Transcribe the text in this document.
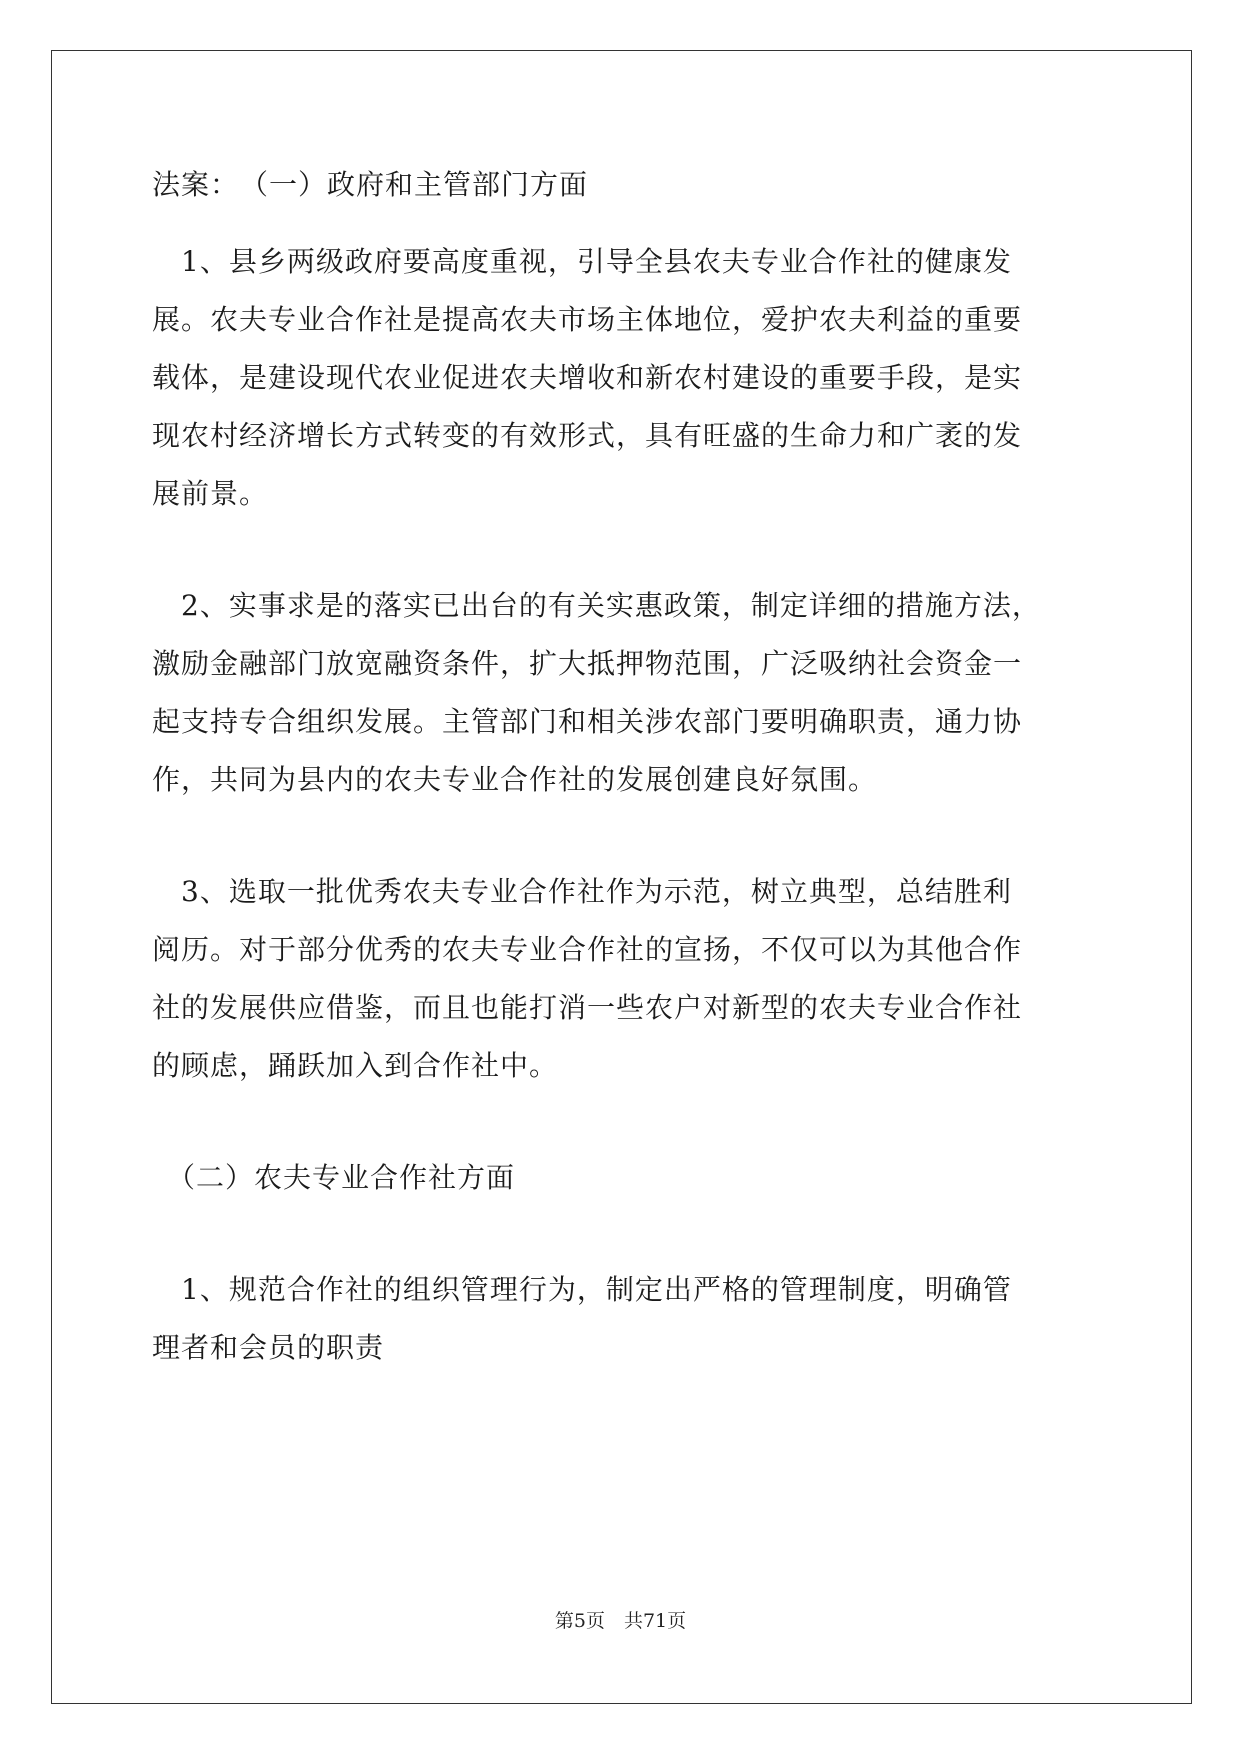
法案：　（一）政府和主管部门方面
　1、县乡两级政府要高度重视，引导全县农夫专业合作社的健康发
展。农夫专业合作社是提高农夫市场主体地位，爱护农夫利益的重要
载体，是建设现代农业促进农夫增收和新农村建设的重要手段，是实
现农村经济增长方式转变的有效形式，具有旺盛的生命力和广袤的发
展前景。
　2、实事求是的落实已出台的有关实惠政策，制定详细的措施方法，
激励金融部门放宽融资条件，扩大抵押物范围，广泛吸纳社会资金一
起支持专合组织发展。主管部门和相关涉农部门要明确职责，通力协
作，共同为县内的农夫专业合作社的发展创建良好氛围。
　3、选取一批优秀农夫专业合作社作为示范，树立典型，总结胜利
阅历。对于部分优秀的农夫专业合作社的宣扬，不仅可以为其他合作
社的发展供应借鉴，而且也能打消一些农户对新型的农夫专业合作社
的顾虑，踊跃加入到合作社中。
　（二）农夫专业合作社方面
　1、规范合作社的组织管理行为，制定出严格的管理制度，明确管
理者和会员的职责
第5页　共71页
